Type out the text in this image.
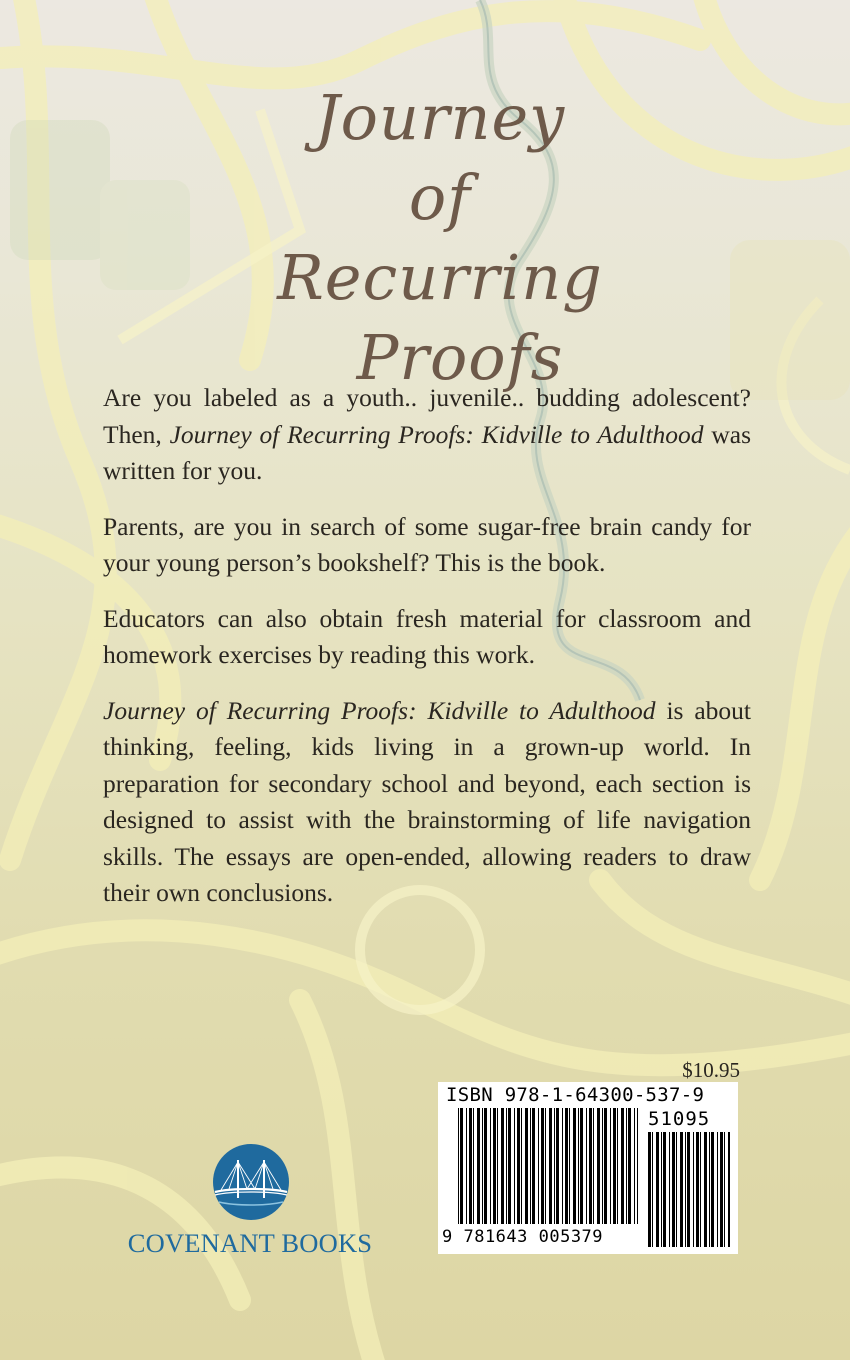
Journey
of Recurring
Proofs

Are you labeled as a youth.. juvenile.. budding adolescent? Then, Journey of Recurring Proofs: Kidville to Adulthood was written for you.

Parents, are you in search of some sugar-free brain candy for your young person’s bookshelf? This is the book.

Educators can also obtain fresh material for classroom and homework exercises by reading this work.

Journey of Recurring Proofs: Kidville to Adulthood is about thinking, feeling, kids living in a grown-up world. In preparation for secondary school and beyond, each section is designed to assist with the brainstorming of life navigation skills. The essays are open-ended, allowing readers to draw their own conclusions.

$10.95
ISBN 978-1-64300-537-9
51095
9 781643 005379
COVENANT BOOKS
